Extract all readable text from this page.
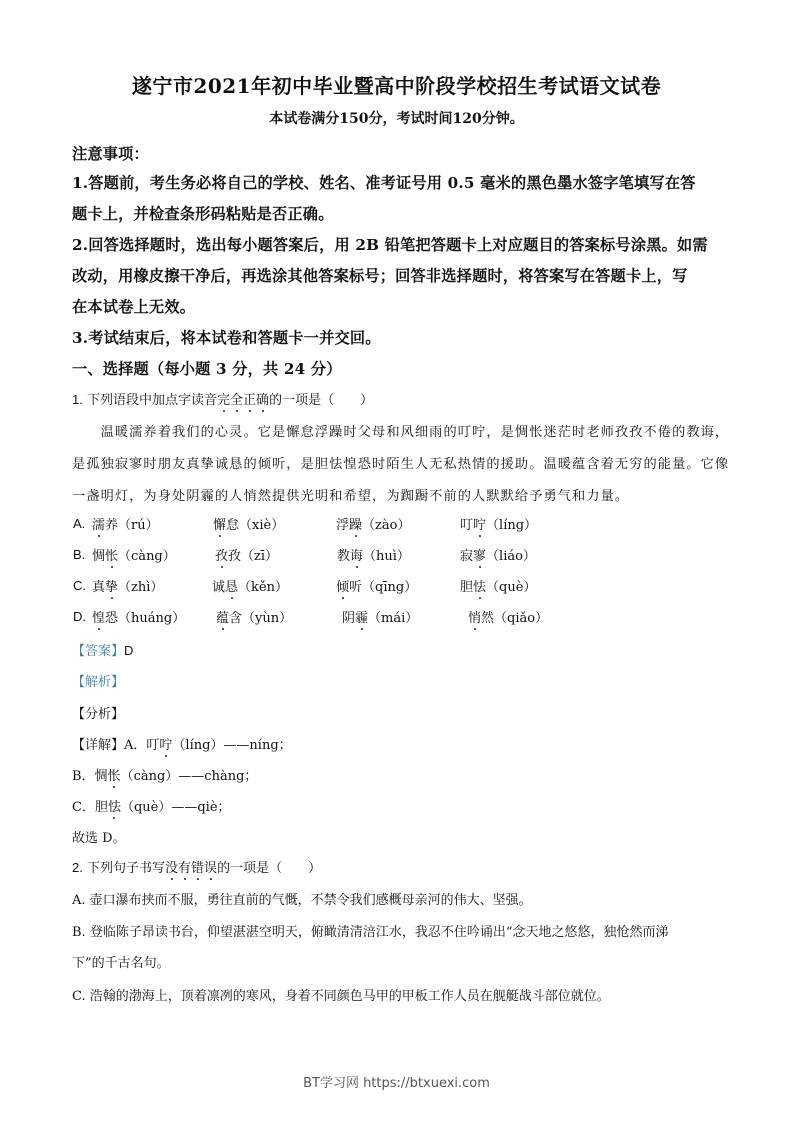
遂宁市2021年初中毕业暨高中阶段学校招生考试语文试卷
本试卷满分150分，考试时间120分钟。
注意事项：
1.答题前，考生务必将自己的学校、姓名、准考证号用 0.5 毫米的黑色墨水签字笔填写在答
题卡上，并检查条形码粘贴是否正确。
2.回答选择题时，选出每小题答案后，用 2B 铅笔把答题卡上对应题目的答案标号涂黑。如需
改动，用橡皮擦干净后，再选涂其他答案标号；回答非选择题时，将答案写在答题卡上，写
在本试卷上无效。
3.考试结束后，将本试卷和答题卡一并交回。
一、选择题（每小题 3 分，共 24 分）
1. 下列语段中加点字读音完全正确的一项是（　　）
　　温暖濡养着我们的心灵。它是懈怠浮躁时父母和风细雨的叮咛，是惆怅迷茫时老师孜孜不倦的教诲，
是孤独寂寥时朋友真挚诚恳的倾听，是胆怯惶恐时陌生人无私热情的援助。温暖蕴含着无穷的能量。它像
一盏明灯，为身处阴霾的人悄然提供光明和希望，为踟蹰不前的人默默给予勇气和力量。
A. 濡养（rú）	懈怠（xiè）	浮躁（zào）	叮咛（líng）
B. 惆怅（càng）	孜孜（zī）	教诲（huì）	寂寥（liáo）
C. 真挚（zhì）	诚恳（kěn）	倾听（qīng）	胆怯（què）
D. 惶恐（huáng） 蕴含（yùn）	阴霾（mái）	悄然（qiǎo）
【答案】D
【解析】
【分析】
【详解】A．叮咛（líng）——níng；
B．惆怅（càng）——chàng；
C．胆怯（què）——qiè；
故选 D。
2. 下列句子书写没有错误的一项是（　　）
A. 壶口瀑布挟而不服，勇往直前的气慨，不禁令我们感概母亲河的伟大、坚强。
B. 登临陈子昂读书台，仰望湛湛空明天，俯瞰清清涪江水，我忍不住吟诵出“念天地之悠悠，独怆然而涕
下”的千古名句。
C. 浩翰的渤海上，顶着凛冽的寒风，身着不同颜色马甲的甲板工作人员在舰艇战斗部位就位。
BT学习网 https://btxuexi.com
